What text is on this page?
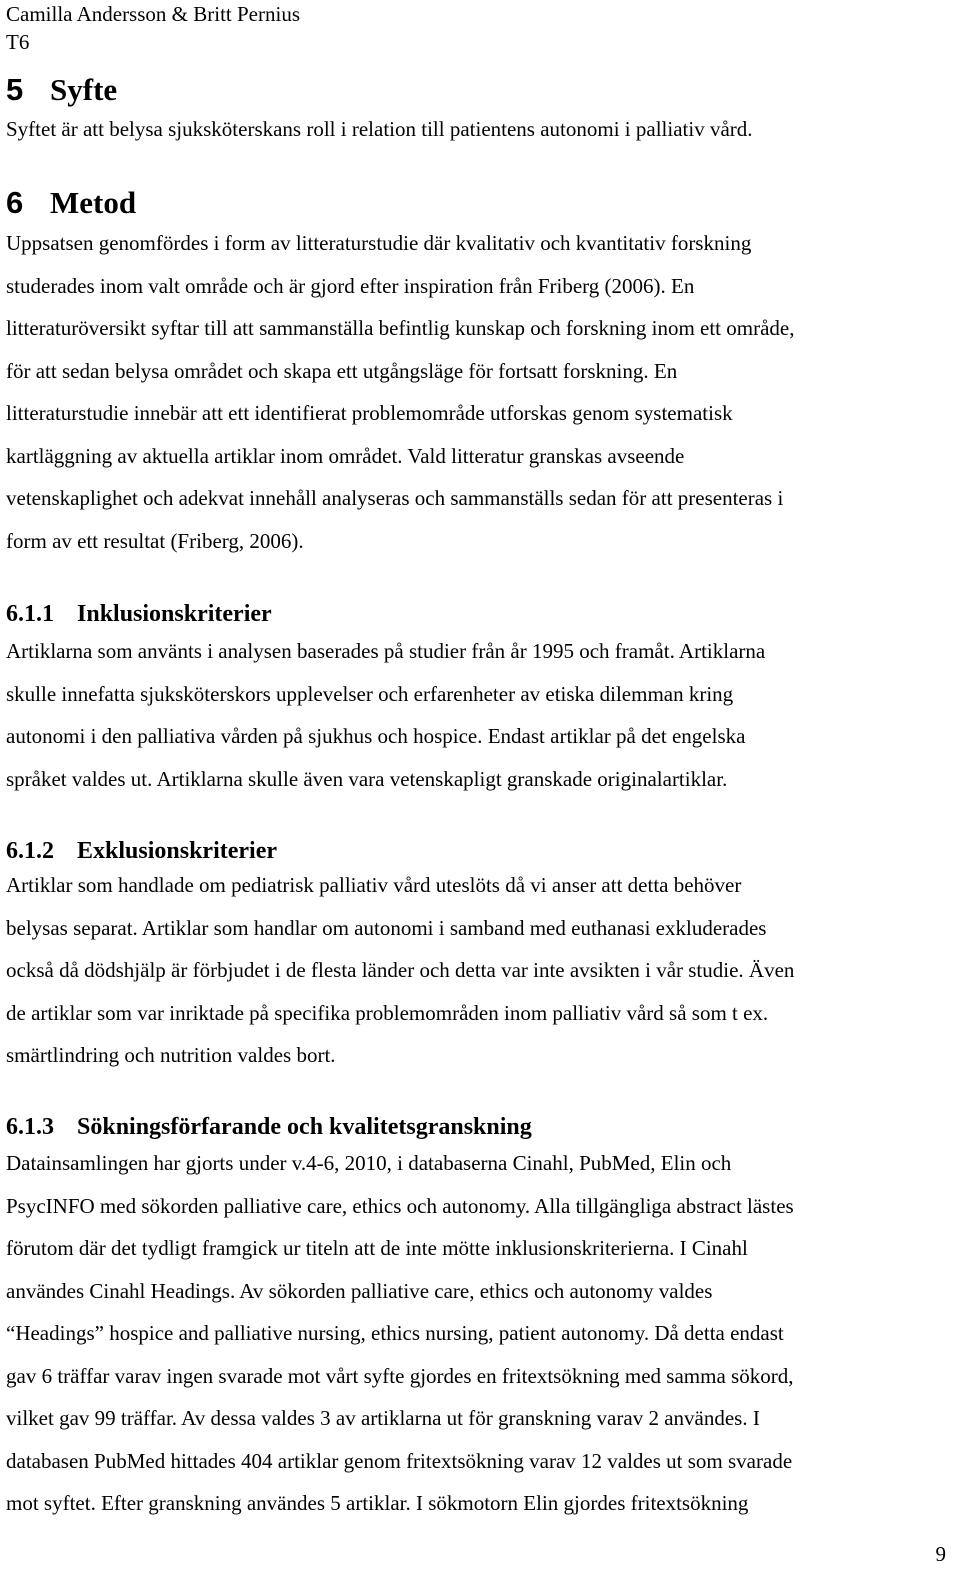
Camilla Andersson & Britt Pernius

T6

5 Syfte
Syftet är att belysa sjuksköterskans roll i relation till patientens autonomi i palliativ vård.
6 Metod
Uppsatsen genomfördes i form av litteraturstudie där kvalitativ och kvantitativ forskning
studerades inom valt område och är gjord efter inspiration från Friberg (2006). En
litteraturöversikt syftar till att sammanställa befintlig kunskap och forskning inom ett område,
för att sedan belysa området och skapa ett utgångsläge för fortsatt forskning. En
litteraturstudie innebär att ett identifierat problemområde utforskas genom systematisk
kartläggning av aktuella artiklar inom området. Vald litteratur granskas avseende
vetenskaplighet och adekvat innehåll analyseras och sammanställs sedan för att presenteras i
form av ett resultat (Friberg, 2006).
6.1.1 Inklusionskriterier
Artiklarna som använts i analysen baserades på studier från år 1995 och framåt. Artiklarna
skulle innefatta sjuksköterskors upplevelser och erfarenheter av etiska dilemman kring
autonomi i den palliativa vården på sjukhus och hospice. Endast artiklar på det engelska
språket valdes ut. Artiklarna skulle även vara vetenskapligt granskade originalartiklar.
6.1.2 Exklusionskriterier
Artiklar som handlade om pediatrisk palliativ vård uteslöts då vi anser att detta behöver
belysas separat. Artiklar som handlar om autonomi i samband med euthanasi exkluderades
också då dödshjälp är förbjudet i de flesta länder och detta var inte avsikten i vår studie. Även
de artiklar som var inriktade på specifika problemområden inom palliativ vård så som t ex.
smärtlindring och nutrition valdes bort.
6.1.3 Sökningsförfarande och kvalitetsgranskning
Datainsamlingen har gjorts under v.4-6, 2010, i databaserna Cinahl, PubMed, Elin och
PsycINFO med sökorden palliative care, ethics och autonomy. Alla tillgängliga abstract lästes
förutom där det tydligt framgick ur titeln att de inte mötte inklusionskriterierna. I Cinahl
användes Cinahl Headings. Av sökorden palliative care, ethics och autonomy valdes
“Headings” hospice and palliative nursing, ethics nursing, patient autonomy. Då detta endast
gav 6 träffar varav ingen svarade mot vårt syfte gjordes en fritextsökning med samma sökord,
vilket gav 99 träffar. Av dessa valdes 3 av artiklarna ut för granskning varav 2 användes. I
databasen PubMed hittades 404 artiklar genom fritextsökning varav 12 valdes ut som svarade
mot syftet. Efter granskning användes 5 artiklar. I sökmotorn Elin gjordes fritextsökning
9
